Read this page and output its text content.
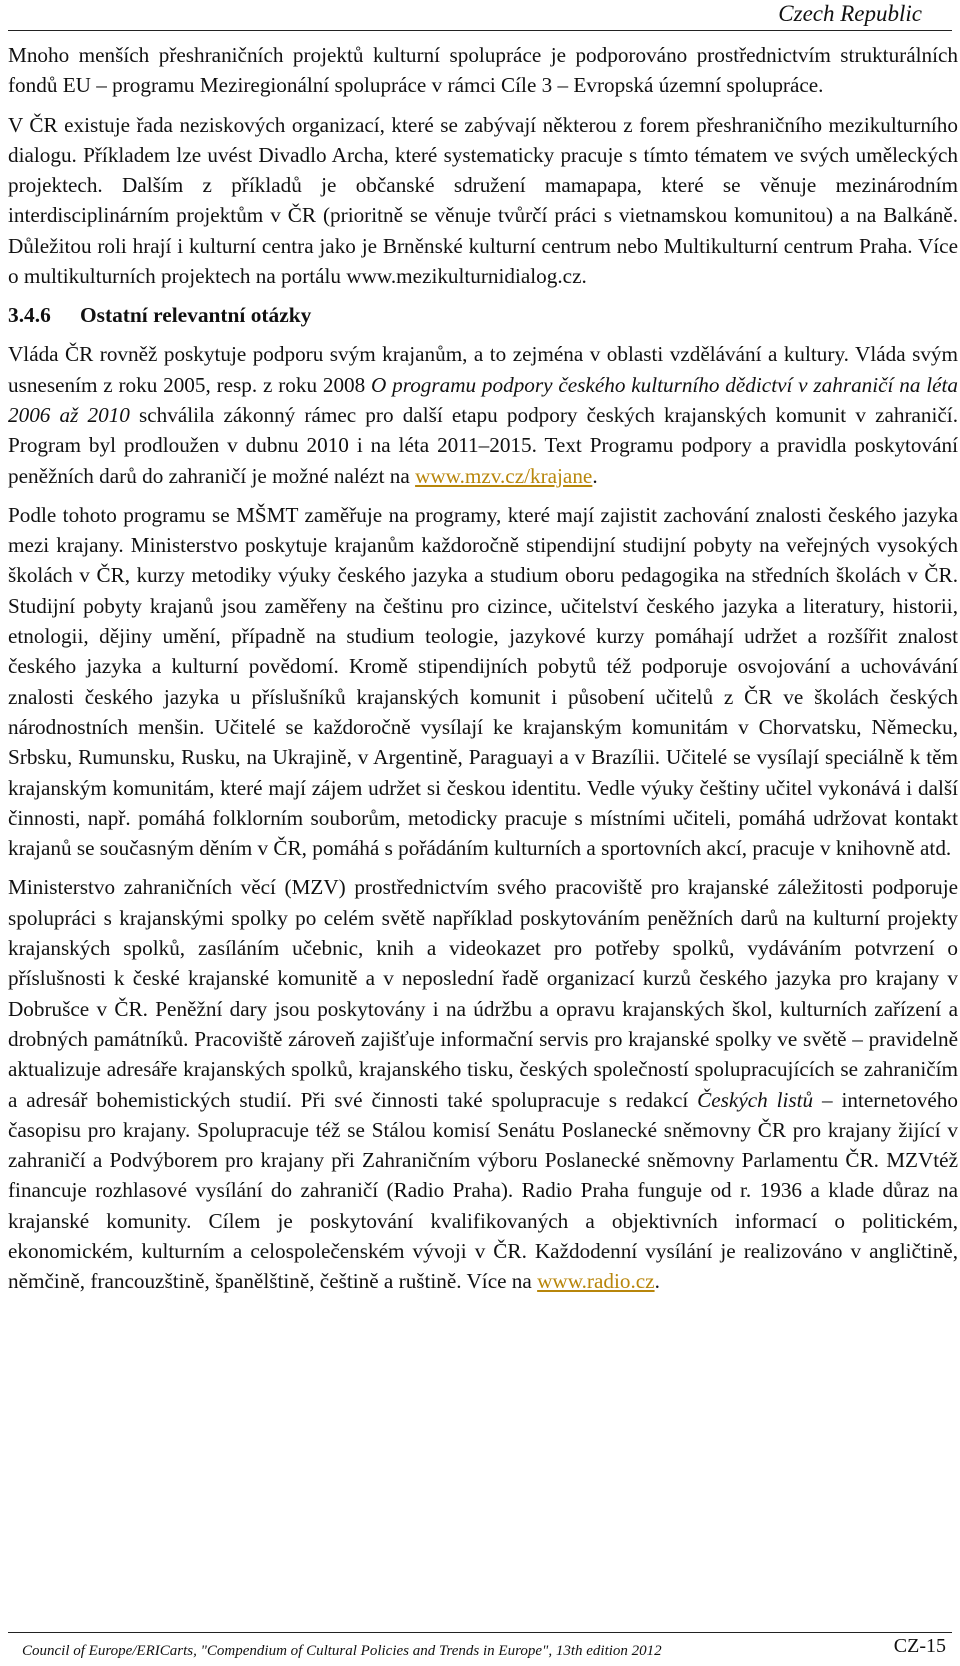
Czech Republic

Mnoho menších přeshraničních projektů kulturní spolupráce je podporováno prostřednictvím strukturálních fondů EU – programu Meziregionální spolupráce v rámci Cíle 3 – Evropská územní spolupráce.

V ČR existuje řada neziskových organizací, které se zabývají některou z forem přeshraničního mezikulturního dialogu. Příkladem lze uvést Divadlo Archa, které systematicky pracuje s tímto tématem ve svých uměleckých projektech. Dalším z příkladů je občanské sdružení mamapapa, které se věnuje mezinárodním interdisciplinárním projektům v ČR (prioritně se věnuje tvůrčí práci s vietnamskou komunitou) a na Balkáně. Důležitou roli hrají i kulturní centra jako je Brněnské kulturní centrum nebo Multikulturní centrum Praha. Více o multikulturních projektech na portálu www.mezikulturnidialog.cz.

3.4.6 Ostatní relevantní otázky

Vláda ČR rovněž poskytuje podporu svým krajanům, a to zejména v oblasti vzdělávání a kultury. Vláda svým usnesením z roku 2005, resp. z roku 2008 O programu podpory českého kulturního dědictví v zahraničí na léta 2006 až 2010 schválila zákonný rámec pro další etapu podpory českých krajanských komunit v zahraničí. Program byl prodloužen v dubnu 2010 i na léta 2011–2015. Text Programu podpory a pravidla poskytování peněžních darů do zahraničí je možné nalézt na www.mzv.cz/krajane.

Podle tohoto programu se MŠMT zaměřuje na programy, které mají zajistit zachování znalosti českého jazyka mezi krajany. Ministerstvo poskytuje krajanům každoročně stipendijní studijní pobyty na veřejných vysokých školách v ČR, kurzy metodiky výuky českého jazyka a studium oboru pedagogika na středních školách v ČR. Studijní pobyty krajanů jsou zaměřeny na češtinu pro cizince, učitelství českého jazyka a literatury, historii, etnologii, dějiny umění, případně na studium teologie, jazykové kurzy pomáhají udržet a rozšířit znalost českého jazyka a kulturní povědomí. Kromě stipendijních pobytů též podporuje osvojování a uchovávání znalosti českého jazyka u příslušníků krajanských komunit i působení učitelů z ČR ve školách českých národnostních menšin. Učitelé se každoročně vysílají ke krajanským komunitám v Chorvatsku, Německu, Srbsku, Rumunsku, Rusku, na Ukrajině, v Argentině, Paraguayi a v Brazílii. Učitelé se vysílají speciálně k těm krajanským komunitám, které mají zájem udržet si českou identitu. Vedle výuky češtiny učitel vykonává i další činnosti, např. pomáhá folklorním souborům, metodicky pracuje s místními učiteli, pomáhá udržovat kontakt krajanů se současným děním v ČR, pomáhá s pořádáním kulturních a sportovních akcí, pracuje v knihovně atd.

Ministerstvo zahraničních věcí (MZV) prostřednictvím svého pracoviště pro krajanské záležitosti podporuje spolupráci s krajanskými spolky po celém světě například poskytováním peněžních darů na kulturní projekty krajanských spolků, zasíláním učebnic, knih a videokazet pro potřeby spolků, vydáváním potvrzení o příslušnosti k české krajanské komunitě a v neposlední řadě organizací kurzů českého jazyka pro krajany v Dobrušce v ČR. Peněžní dary jsou poskytovány i na údržbu a opravu krajanských škol, kulturních zařízení a drobných památníků. Pracoviště zároveň zajišťuje informační servis pro krajanské spolky ve světě – pravidelně aktualizuje adresáře krajanských spolků, krajanského tisku, českých společností spolupracujících se zahraničím a adresář bohemistických studií. Při své činnosti také spolupracuje s redakcí Českých listů – internetového časopisu pro krajany. Spolupracuje též se Stálou komisí Senátu Poslanecké sněmovny ČR pro krajany žijící v zahraničí a Podvýborem pro krajany při Zahraničním výboru Poslanecké sněmovny Parlamentu ČR. MZVtéž financuje rozhlasové vysílání do zahraničí (Radio Praha). Radio Praha funguje od r. 1936 a klade důraz na krajanské komunity. Cílem je poskytování kvalifikovaných a objektivních informací o politickém, ekonomickém, kulturním a celospolečenském vývoji v ČR. Každodenní vysílání je realizováno v angličtině, němčině, francouzštině, španělštině, češtině a ruštině. Více na www.radio.cz.

Council of Europe/ERICarts, "Compendium of Cultural Policies and Trends in Europe", 13th edition 2012	CZ-15
